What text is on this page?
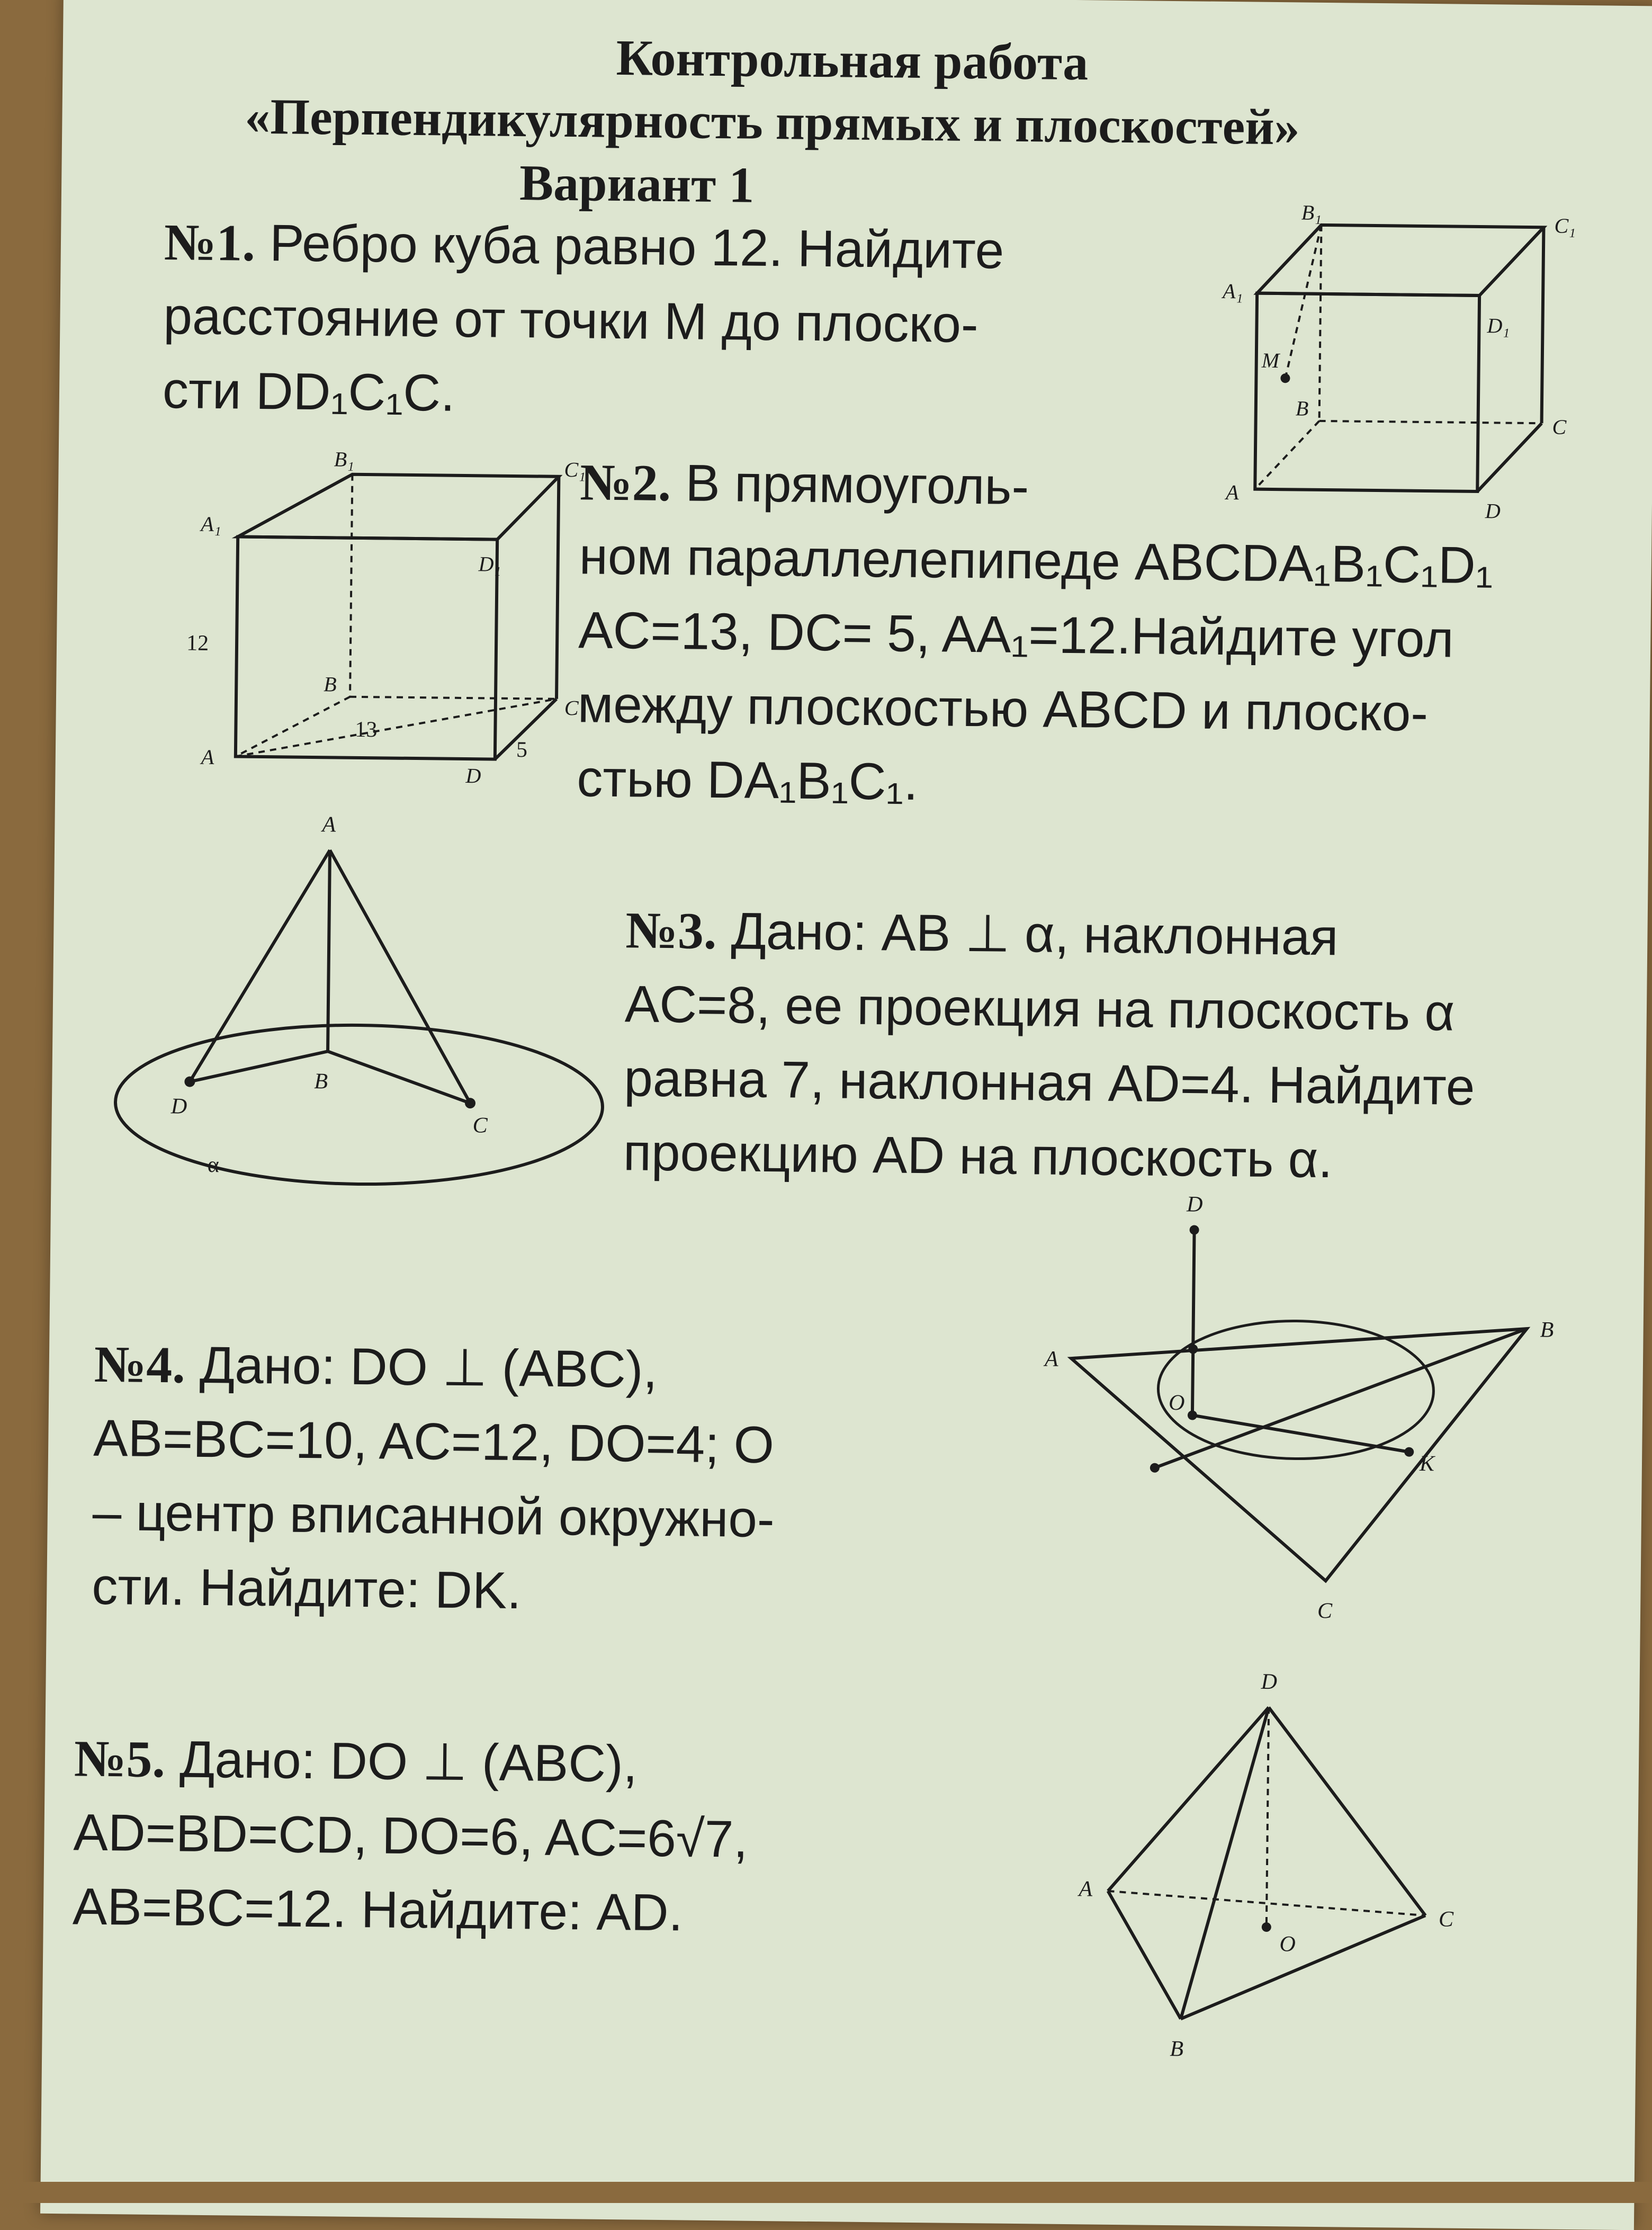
Контрольная работа
«Перпендикулярность прямых и плоскостей»
Вариант 1
№1. Ребро куба равно 12. Найдите
расстояние от точки M до плоско-
сти DD₁C₁C.
№2. В прямоуголь-
ном параллелепипеде ABCDA₁B₁C₁D₁
AC=13, DC= 5, AA₁=12.Найдите угол
между плоскостью ABCD и плоско-
стью DA₁B₁C₁.
№3. Дано: AB ⊥ α, наклонная
AC=8, ее проекция на плоскость α
равна 7, наклонная AD=4. Найдите
проекцию AD на плоскость α.
№4. Дано: DO ⊥ (ABC),
AB=BC=10, AC=12, DO=4; O
– центр вписанной окружно-
сти. Найдите: DK.
№5. Дано: DO ⊥ (ABC),
AD=BD=CD, DO=6, AC=6√7,
AB=BC=12. Найдите: AD.
B₁
C₁
A₁
D₁
M
B
C
A
D
B₁	C₁
A₁
D₁
12
B
C
A
D
13
5
A
B
C
D
α
D
A
B
C
O
K
D
A
C
B
O
